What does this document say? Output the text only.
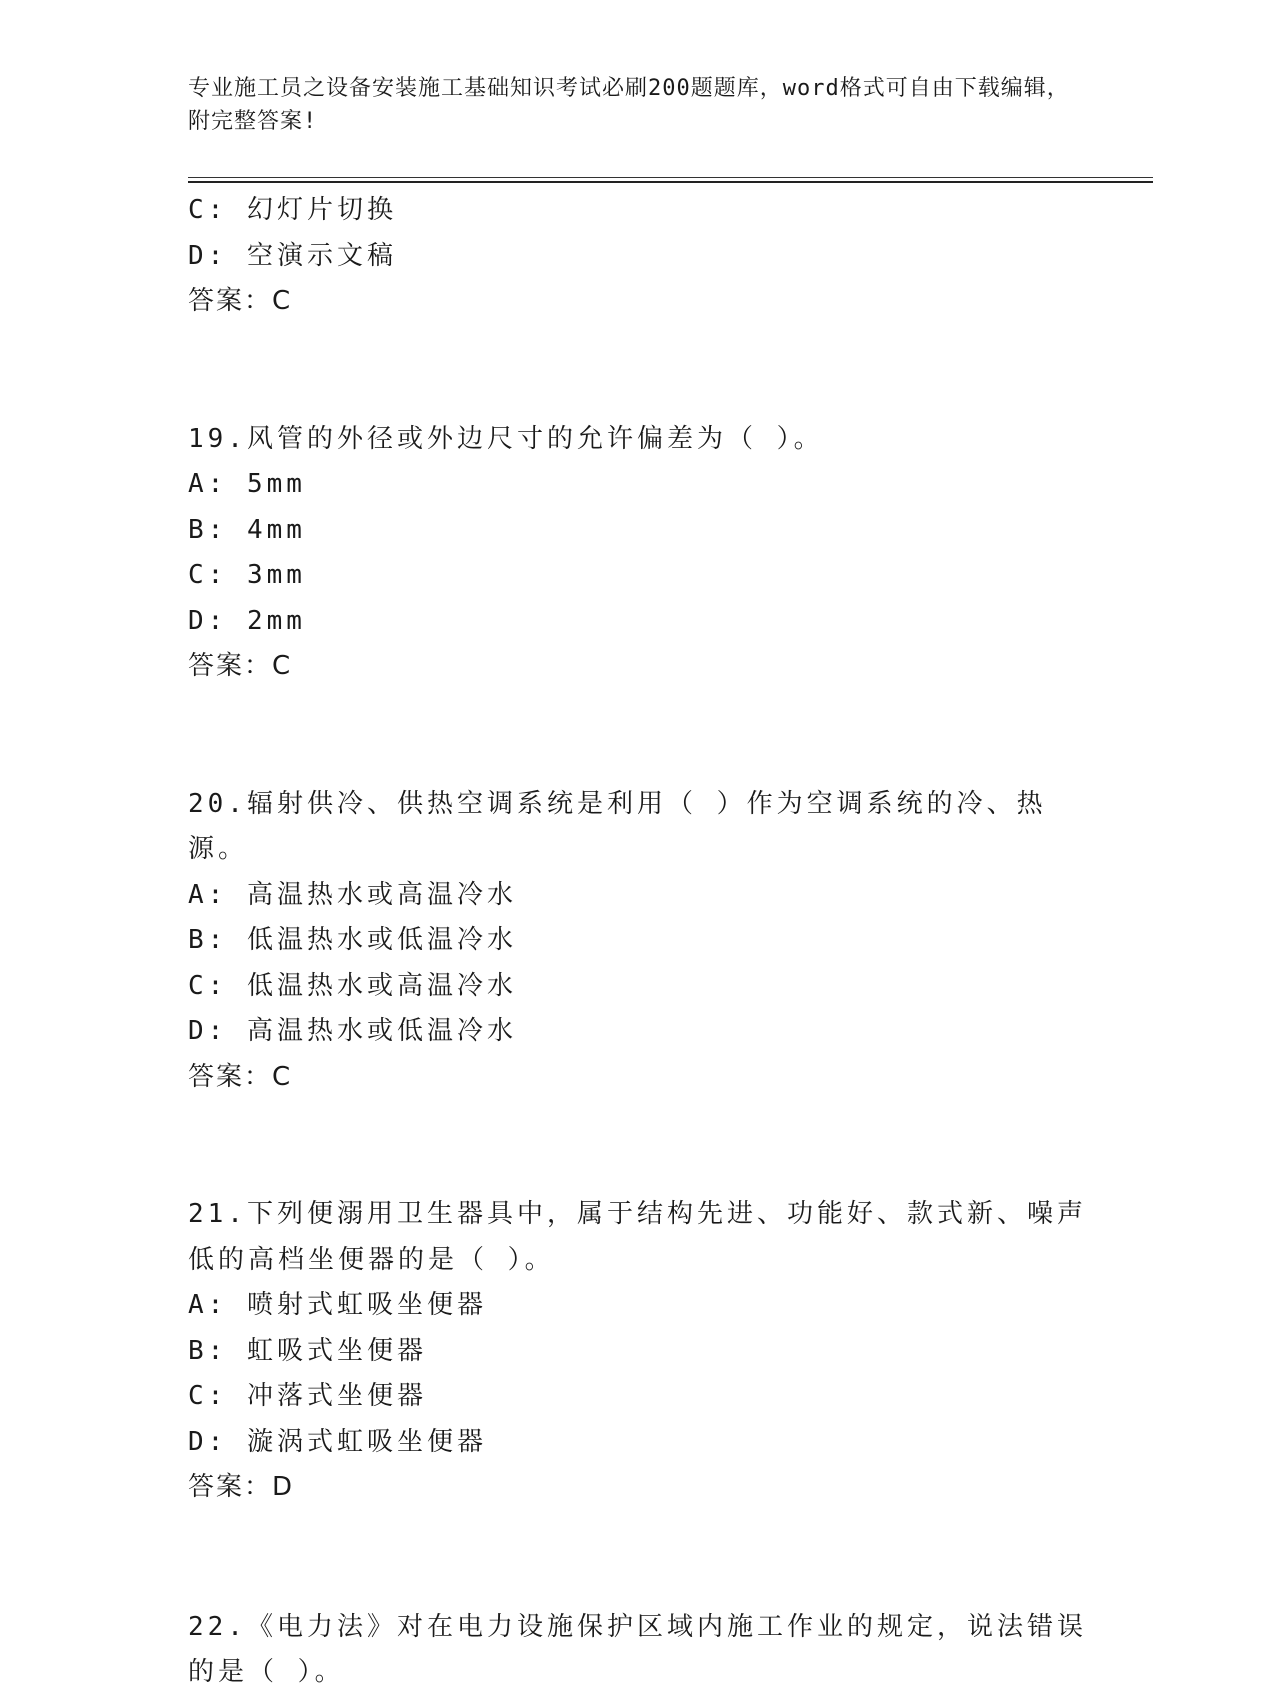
专业施工员之设备安装施工基础知识考试必刷200题题库，word格式可自由下载编辑，附完整答案!
C: 幻灯片切换
D: 空演示文稿
答案：C
19.风管的外径或外边尺寸的允许偏差为（ ）。
A: 5mm
B: 4mm
C: 3mm
D: 2mm
答案：C
20.辐射供冷、供热空调系统是利用（ ）作为空调系统的冷、热源。
A: 高温热水或高温冷水
B: 低温热水或低温冷水
C: 低温热水或高温冷水
D: 高温热水或低温冷水
答案：C
21.下列便溺用卫生器具中，属于结构先进、功能好、款式新、噪声低的高档坐便器的是（ ）。
A: 喷射式虹吸坐便器
B: 虹吸式坐便器
C: 冲落式坐便器
D: 漩涡式虹吸坐便器
答案：D
22.《电力法》对在电力设施保护区域内施工作业的规定，说法错误的是（ ）。
